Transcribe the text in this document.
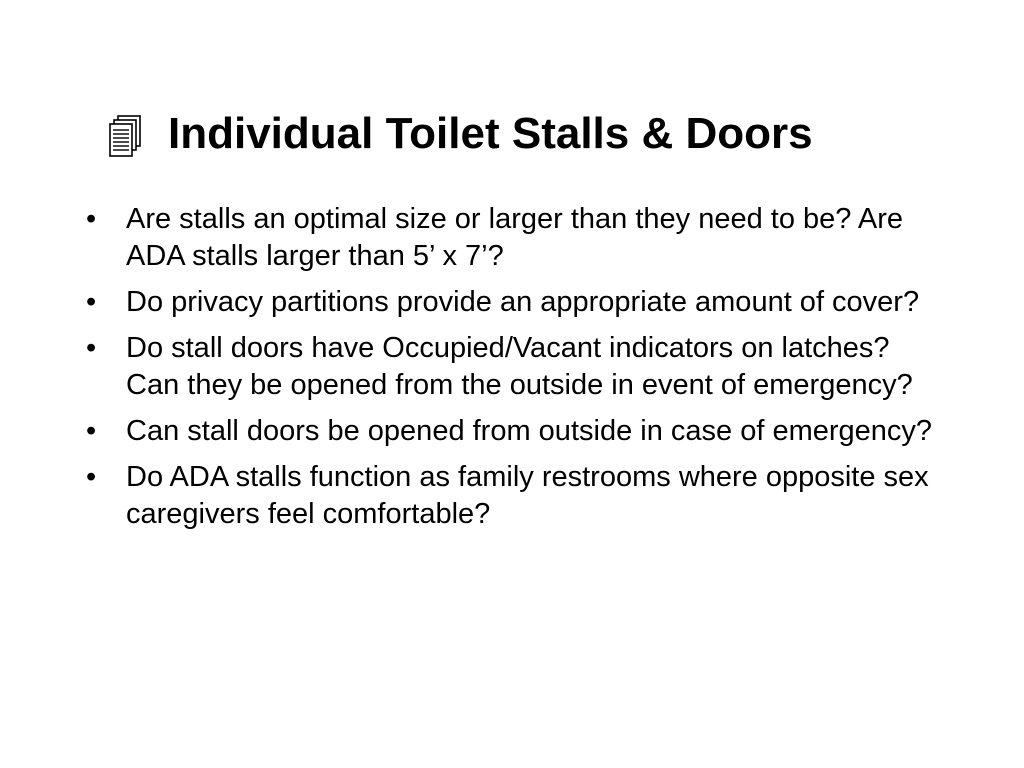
Individual Toilet Stalls & Doors
•	Are stalls an optimal size or larger than they need to be? Are ADA stalls larger than 5’ x 7’?
•	Do privacy partitions provide an appropriate amount of cover?
•	Do stall doors have Occupied/Vacant indicators on latches? Can they be opened from the outside in event of emergency?
•	Can stall doors be opened from outside in case of emergency?
•	Do ADA stalls function as family restrooms where opposite sex caregivers feel comfortable?
